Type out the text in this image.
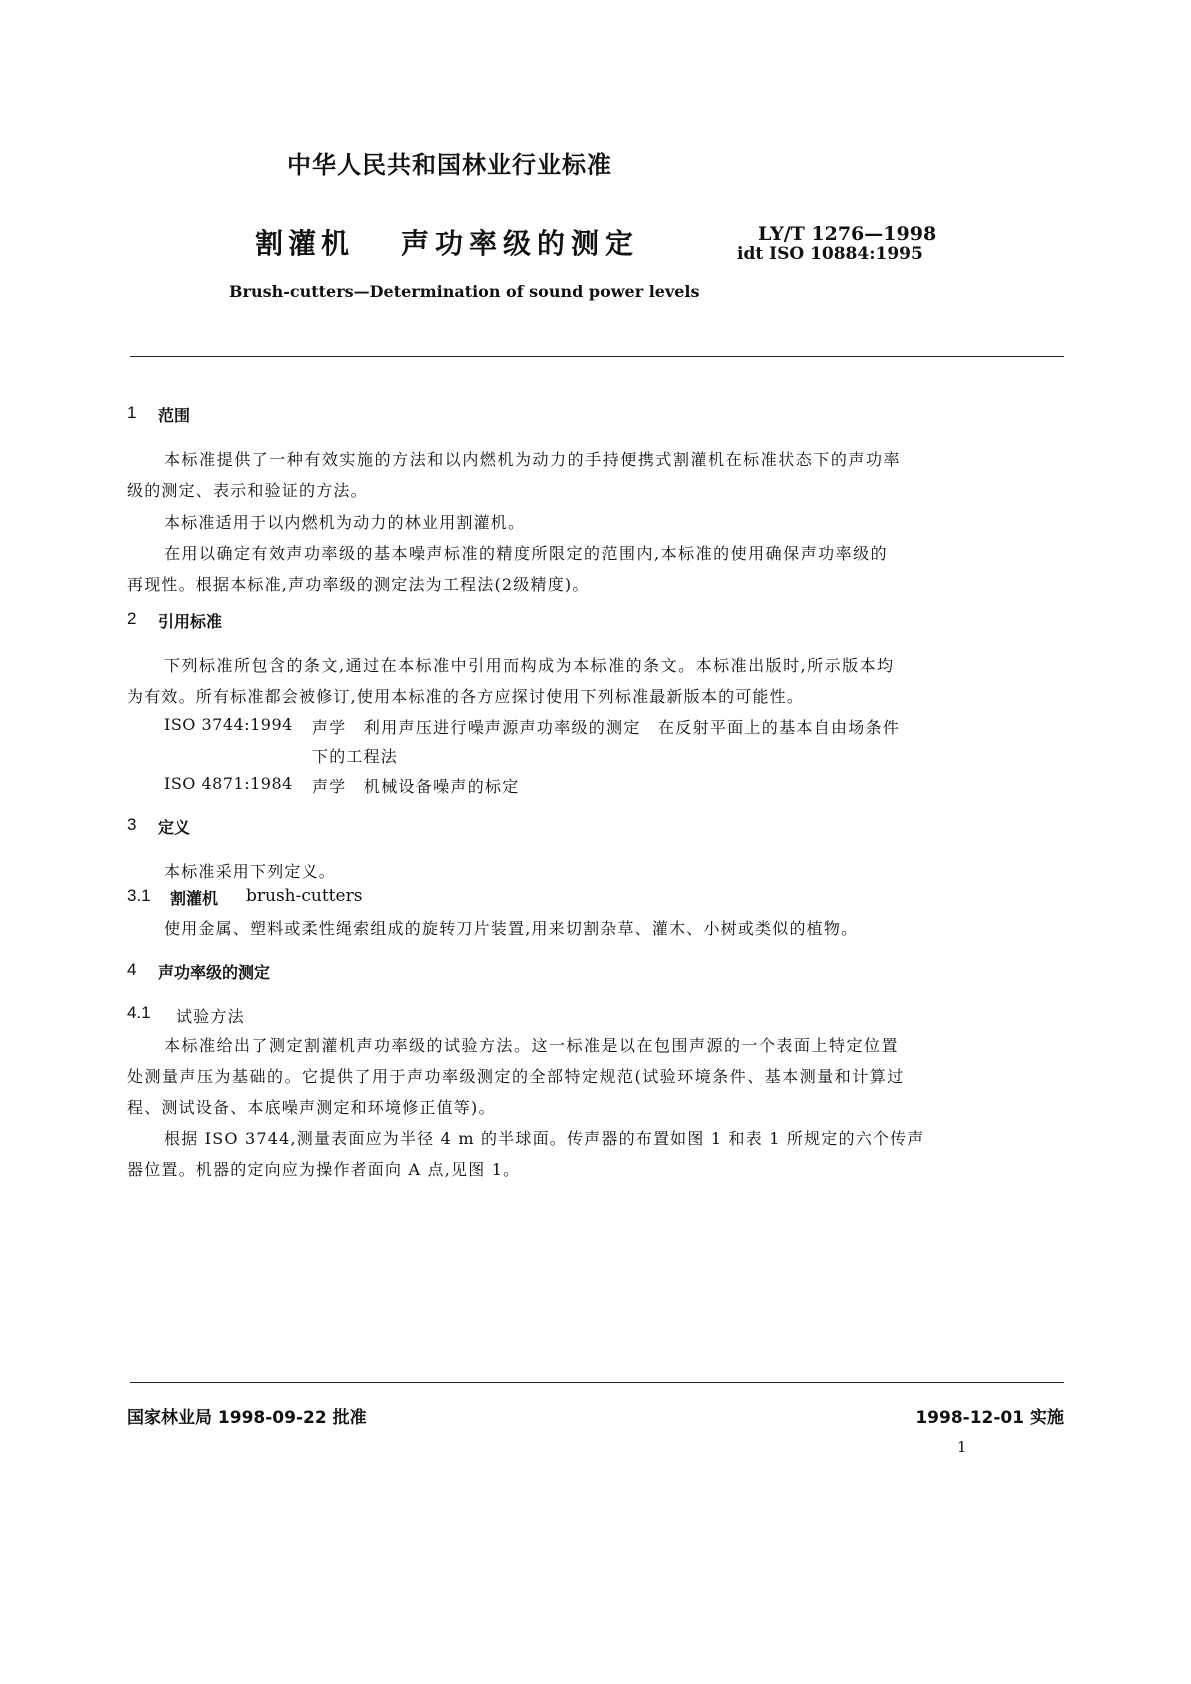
中华人民共和国林业行业标准
割灌机 声功率级的测定	LY/T 1276—1998
idt ISO 10884:1995
Brush-cutters—Determination of sound power levels
1 范围
本标准提供了一种有效实施的方法和以内燃机为动力的手持便携式割灌机在标准状态下的声功率
级的测定、表示和验证的方法。
本标准适用于以内燃机为动力的林业用割灌机。
在用以确定有效声功率级的基本噪声标准的精度所限定的范围内,本标准的使用确保声功率级的
再现性。根据本标准,声功率级的测定法为工程法(2级精度)。
2 引用标准
下列标准所包含的条文,通过在本标准中引用而构成为本标准的条文。本标准出版时,所示版本均
为有效。所有标准都会被修订,使用本标准的各方应探讨使用下列标准最新版本的可能性。
ISO 3744:1994 声学　利用声压进行噪声源声功率级的测定　在反射平面上的基本自由场条件
下的工程法
ISO 4871:1984 声学　机械设备噪声的标定
3 定义
本标准采用下列定义。
3.1 割灌机 brush-cutters
使用金属、塑料或柔性绳索组成的旋转刀片装置,用来切割杂草、灌木、小树或类似的植物。
4 声功率级的测定
4.1 试验方法
本标准给出了测定割灌机声功率级的试验方法。这一标准是以在包围声源的一个表面上特定位置
处测量声压为基础的。它提供了用于声功率级测定的全部特定规范(试验环境条件、基本测量和计算过
程、测试设备、本底噪声测定和环境修正值等)。
根据 ISO 3744,测量表面应为半径 4 m 的半球面。传声器的布置如图 1 和表 1 所规定的六个传声
器位置。机器的定向应为操作者面向 A 点,见图 1。
国家林业局 1998-09-22 批准	1998-12-01 实施
1
